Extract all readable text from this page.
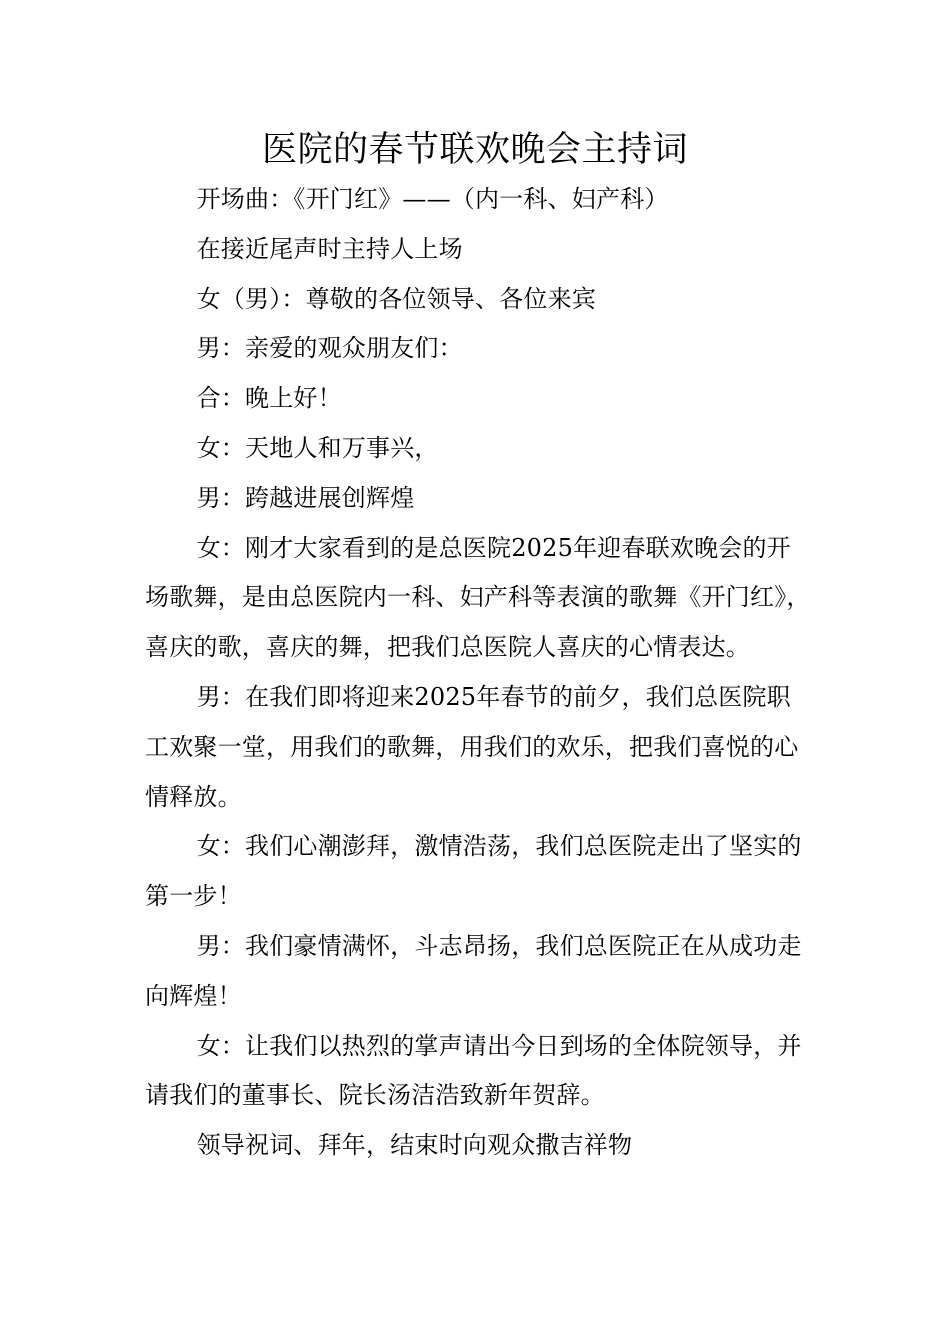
医院的春节联欢晚会主持词

开场曲：《开门红》——（内一科、妇产科）

在接近尾声时主持人上场

女（男）：尊敬的各位领导、各位来宾

男：亲爱的观众朋友们：

合：晚上好！

女：天地人和万事兴，

男：跨越进展创辉煌

女：刚才大家看到的是总医院2025年迎春联欢晚会的开场歌舞，是由总医院内一科、妇产科等表演的歌舞《开门红》，喜庆的歌，喜庆的舞，把我们总医院人喜庆的心情表达。

男：在我们即将迎来2025年春节的前夕，我们总医院职工欢聚一堂，用我们的歌舞，用我们的欢乐，把我们喜悦的心情释放。

女：我们心潮澎拜，激情浩荡，我们总医院走出了坚实的第一步！

男：我们豪情满怀，斗志昂扬，我们总医院正在从成功走向辉煌！

女：让我们以热烈的掌声请出今日到场的全体院领导，并请我们的董事长、院长汤洁浩致新年贺辞。

领导祝词、拜年，结束时向观众撒吉祥物
